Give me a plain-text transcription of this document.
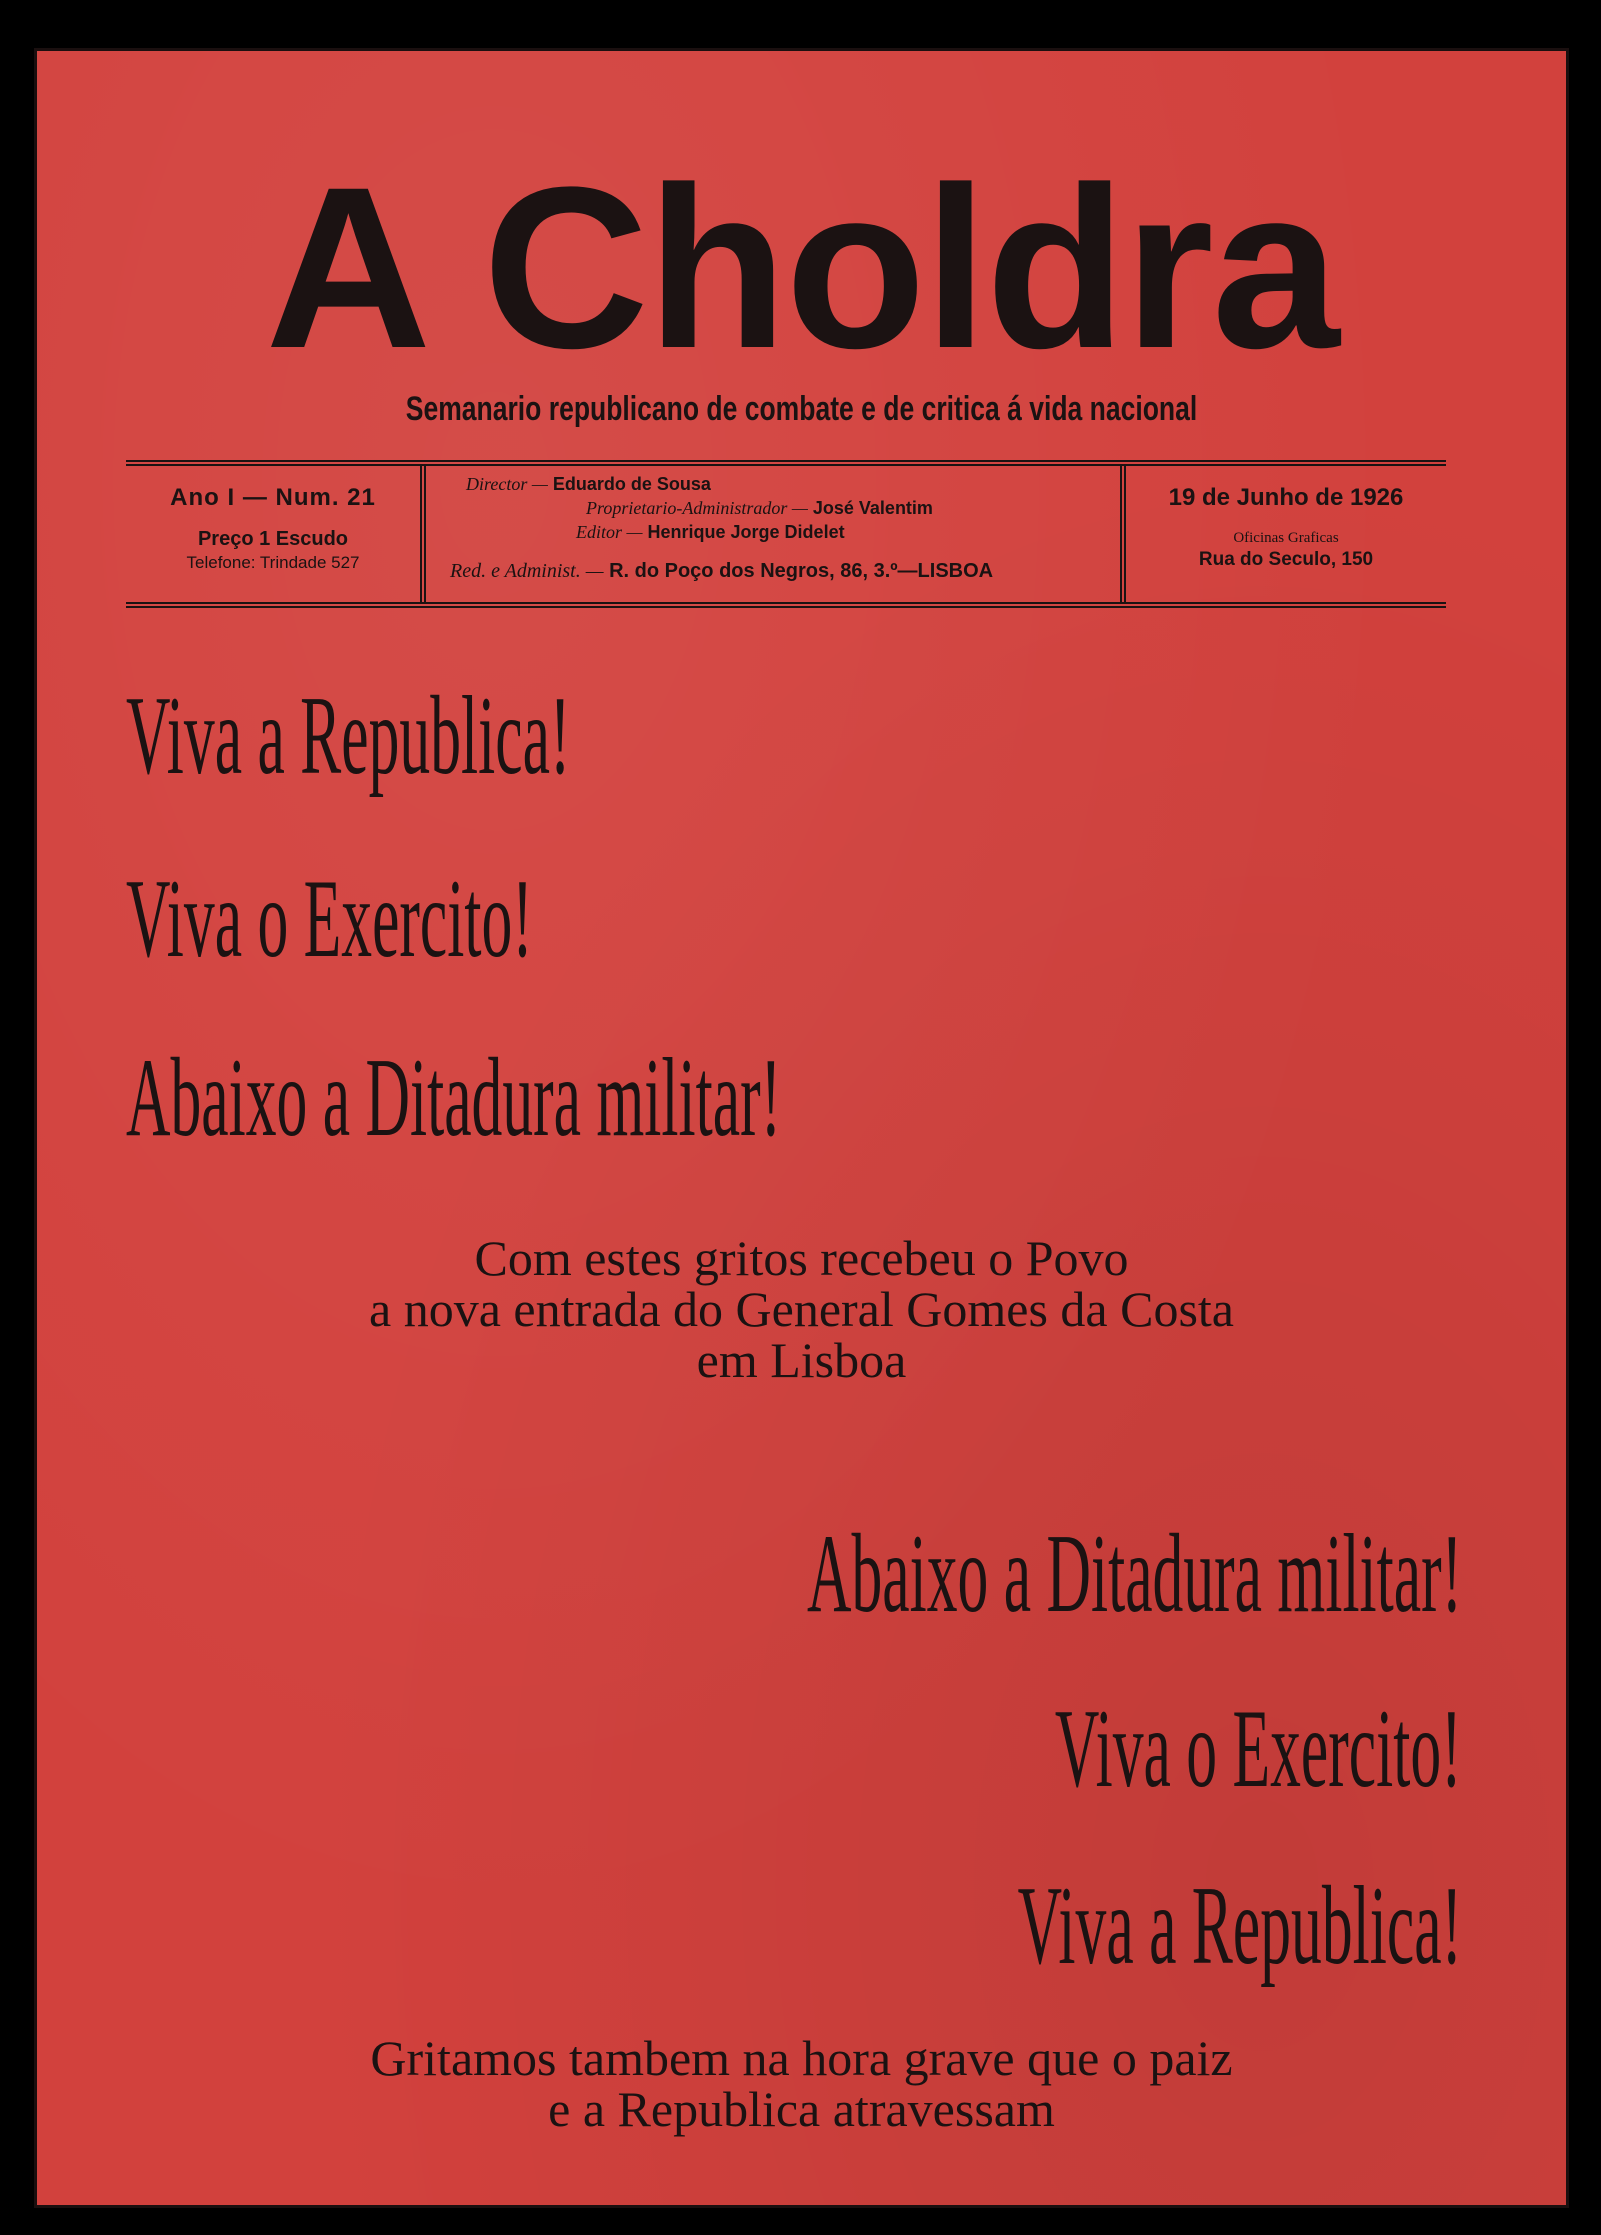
A Choldra

Semanario republicano de combate e de critica á vida nacional

Ano I — Num. 21
Preço 1 Escudo
Telefone: Trindade 527
Director — Eduardo de Sousa
Proprietario-Administrador — José Valentim
Editor — Henrique Jorge Didelet
Red. e Administ. — R. do Poço dos Negros, 86, 3.º—LISBOA
19 de Junho de 1926
Oficinas Graficas
Rua do Seculo, 150

Viva a Republica!

Viva o Exercito!

Abaixo a Ditadura militar!

Com estes gritos recebeu o Povo
a nova entrada do General Gomes da Costa
em Lisboa

Abaixo a Ditadura militar!

Viva o Exercito!

Viva a Republica!

Gritamos tambem na hora grave que o paiz
e a Republica atravessam
